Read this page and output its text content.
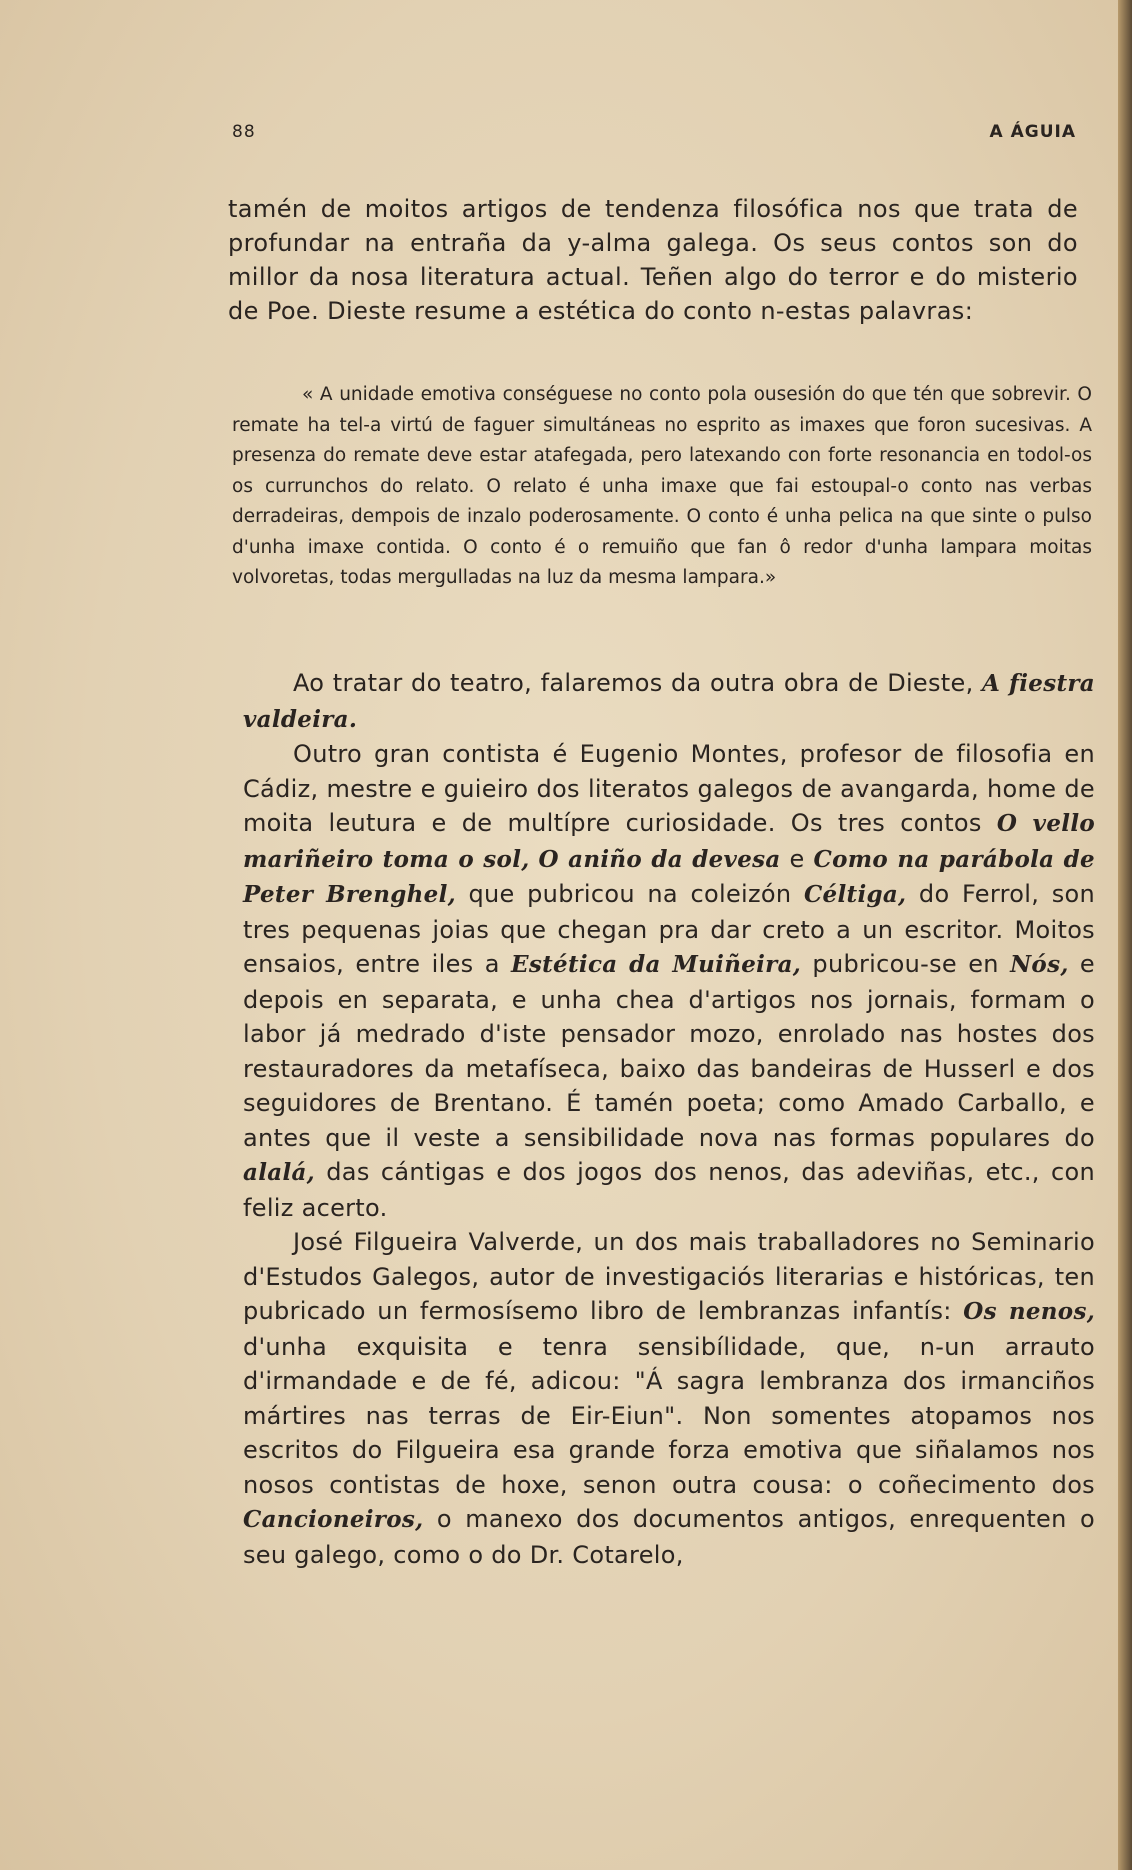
88	A ÁGUIA
tamén de moitos artigos de tendenza filosófica nos que trata de profundar na entraña da y-alma galega. Os seus contos son do millor da nosa literatura actual. Teñen algo do terror e do misterio de Poe. Dieste resume a estética do conto n-estas palavras:
« A unidade emotiva conséguese no conto pola ousesión do que tén que sobrevir. O remate ha tel-a virtú de faguer simultáneas no esprito as imaxes que foron sucesivas. A presenza do remate deve estar atafegada, pero latexando con forte resonancia en todol-os os currunchos do relato. O relato é unha imaxe que fai estoupal-o conto nas verbas derradeiras, dempois de inzalo poderosamente. O conto é unha pelica na que sinte o pulso d'unha imaxe contida. O conto é o remuiño que fan ô redor d'unha lampara moitas volvoretas, todas mergulladas na luz da mesma lampara.»

Ao tratar do teatro, falaremos da outra obra de Dieste, A fiestra valdeira.

Outro gran contista é Eugenio Montes, profesor de filosofia en Cádiz, mestre e guieiro dos literatos galegos de avangarda, home de moita leutura e de multípre curiosidade. Os tres contos O vello mariñeiro toma o sol, O aniño da devesa e Como na parábola de Peter Brenghel, que pubricou na coleizón Céltiga, do Ferrol, son tres pequenas joias que chegan pra dar creto a un escritor. Moitos ensaios, entre iles a Estética da Muiñeira, pubricou-se en Nós, e depois en separata, e unha chea d'artigos nos jornais, formam o labor já medrado d'iste pensador mozo, enrolado nas hostes dos restauradores da metafíseca, baixo das bandeiras de Husserl e dos seguidores de Brentano. É tamén poeta; como Amado Carballo, e antes que il veste a sensibilidade nova nas formas populares do alalá, das cántigas e dos jogos dos nenos, das adeviñas, etc., con feliz acerto.

José Filgueira Valverde, un dos mais traballadores no Seminario d'Estudos Galegos, autor de investigaciós literarias e históricas, ten pubricado un fermosísemo libro de lembranzas infantís: Os nenos, d'unha exquisita e tenra sensibílidade, que, n-un arrauto d'irmandade e de fé, adicou: "Á sagra lembranza dos irmanciños mártires nas terras de Eir-Eiun". Non somentes atopamos nos escritos do Filgueira esa grande forza emotiva que siñalamos nos nosos contistas de hoxe, senon outra cousa: o coñecimento dos Cancioneiros, o manexo dos documentos antigos, enrequenten o seu galego, como o do Dr. Cotarelo,
